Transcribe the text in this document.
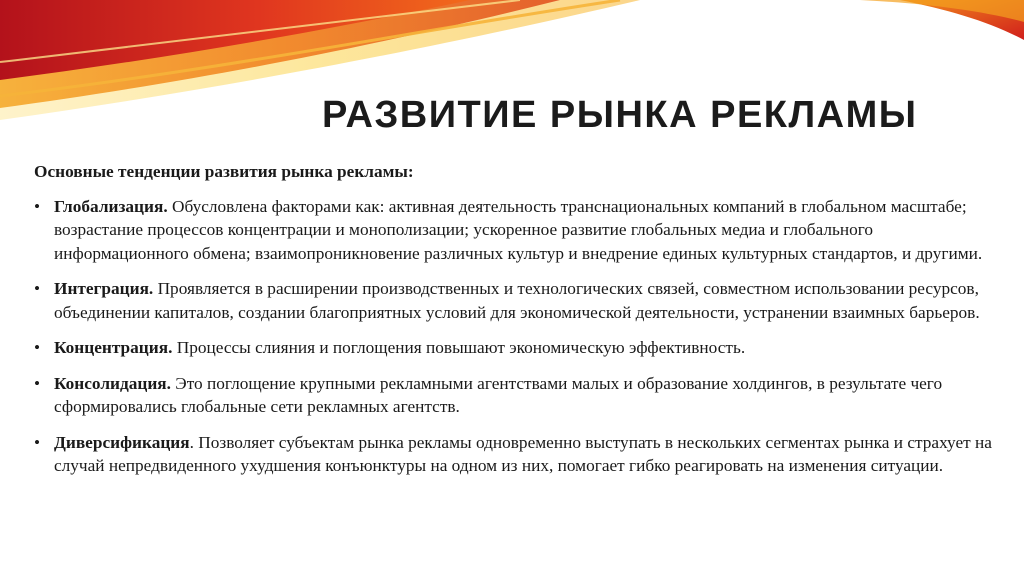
РАЗВИТИЕ РЫНКА РЕКЛАМЫ
Основные тенденции развития рынка рекламы:
• Глобализация. Обусловлена факторами как: активная деятельность транснациональных компаний в глобальном масштабе; возрастание процессов концентрации и монополизации; ускоренное развитие глобальных медиа и глобального информационного обмена; взаимопроникновение различных культур и внедрение единых культурных стандартов, и другими.
• Интеграция. Проявляется в расширении производственных и технологических связей, совместном использовании ресурсов, объединении капиталов, создании благоприятных условий для экономической деятельности, устранении взаимных барьеров.
• Концентрация. Процессы слияния и поглощения повышают экономическую эффективность.
• Консолидация. Это поглощение крупными рекламными агентствами малых и образование холдингов, в результате чего сформировались глобальные сети рекламных агентств.
• Диверсификация. Позволяет субъектам рынка рекламы одновременно выступать в нескольких сегментах рынка и страхует на случай непредвиденного ухудшения конъюнктуры на одном из них, помогает гибко реагировать на изменения ситуации.
